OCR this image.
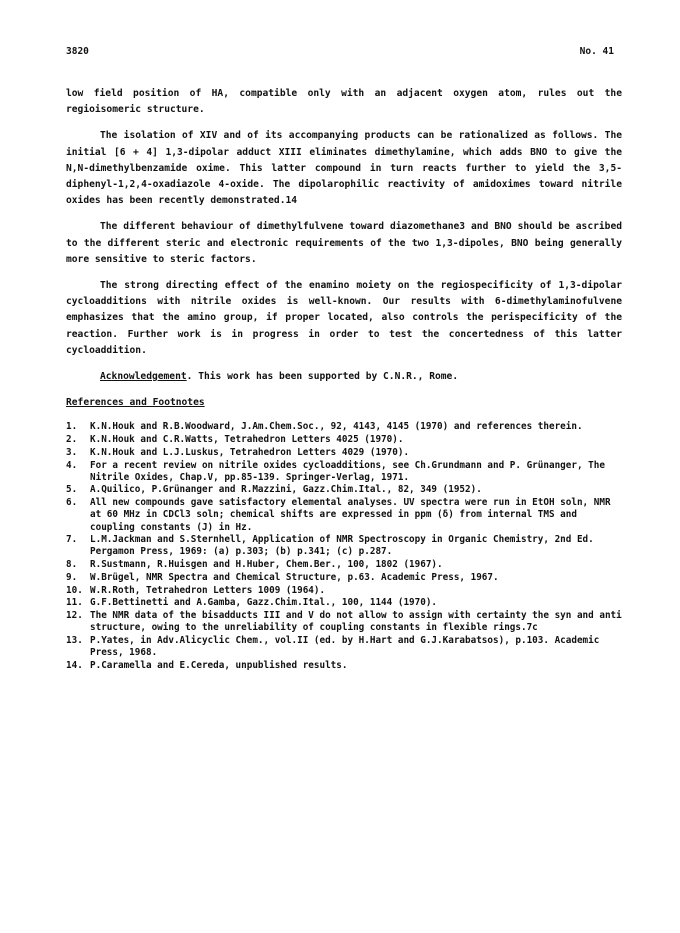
3820	No. 41

low field position of HA, compatible only with an adjacent oxygen atom, rules out the regioisomeric structure.

The isolation of XIV and of its accompanying products can be rationalized as follows. The initial [6 + 4] 1,3-dipolar adduct XIII eliminates dimethylamine, which adds BNO to give the N,N-dimethylbenzamide oxime. This latter compound in turn reacts further to yield the 3,5-diphenyl-1,2,4-oxadiazole 4-oxide. The dipolarophilic reactivity of amidoximes toward nitrile oxides has been recently demonstrated.14

The different behaviour of dimethylfulvene toward diazomethane3 and BNO should be ascribed to the different steric and electronic requirements of the two 1,3-dipoles, BNO being generally more sensitive to steric factors.

The strong directing effect of the enamino moiety on the regiospecificity of 1,3-dipolar cycloadditions with nitrile oxides is well-known. Our results with 6-dimethylaminofulvene emphasizes that the amino group, if proper located, also controls the perispecificity of the reaction. Further work is in progress in order to test the concertedness of this latter cycloaddition.

Acknowledgement. This work has been supported by C.N.R., Rome.

References and Footnotes
1.	K.N.Houk and R.B.Woodward, J.Am.Chem.Soc., 92, 4143, 4145 (1970) and references therein.
2.	K.N.Houk and C.R.Watts, Tetrahedron Letters 4025 (1970).
3.	K.N.Houk and L.J.Luskus, Tetrahedron Letters 4029 (1970).
4.	For a recent review on nitrile oxides cycloadditions, see Ch.Grundmann and P. Grünanger, The Nitrile Oxides, Chap.V, pp.85-139. Springer-Verlag, 1971.
5.	A.Quilico, P.Grünanger and R.Mazzini, Gazz.Chim.Ital., 82, 349 (1952).
6.	All new compounds gave satisfactory elemental analyses. UV spectra were run in EtOH soln, NMR at 60 MHz in CDCl3 soln; chemical shifts are expressed in ppm (δ) from internal TMS and coupling constants (J) in Hz.
7.	L.M.Jackman and S.Sternhell, Application of NMR Spectroscopy in Organic Chemistry, 2nd Ed. Pergamon Press, 1969: (a) p.303; (b) p.341; (c) p.287.
8.	R.Sustmann, R.Huisgen and H.Huber, Chem.Ber., 100, 1802 (1967).
9.	W.Brügel, NMR Spectra and Chemical Structure, p.63. Academic Press, 1967.
10. W.R.Roth, Tetrahedron Letters 1009 (1964).
11. G.F.Bettinetti and A.Gamba, Gazz.Chim.Ital., 100, 1144 (1970).
12. The NMR data of the bisadducts III and V do not allow to assign with certainty the syn and anti structure, owing to the unreliability of coupling constants in flexible rings.7c
13. P.Yates, in Adv.Alicyclic Chem., vol.II (ed. by H.Hart and G.J.Karabatsos), p.103. Academic Press, 1968.
14. P.Caramella and E.Cereda, unpublished results.
